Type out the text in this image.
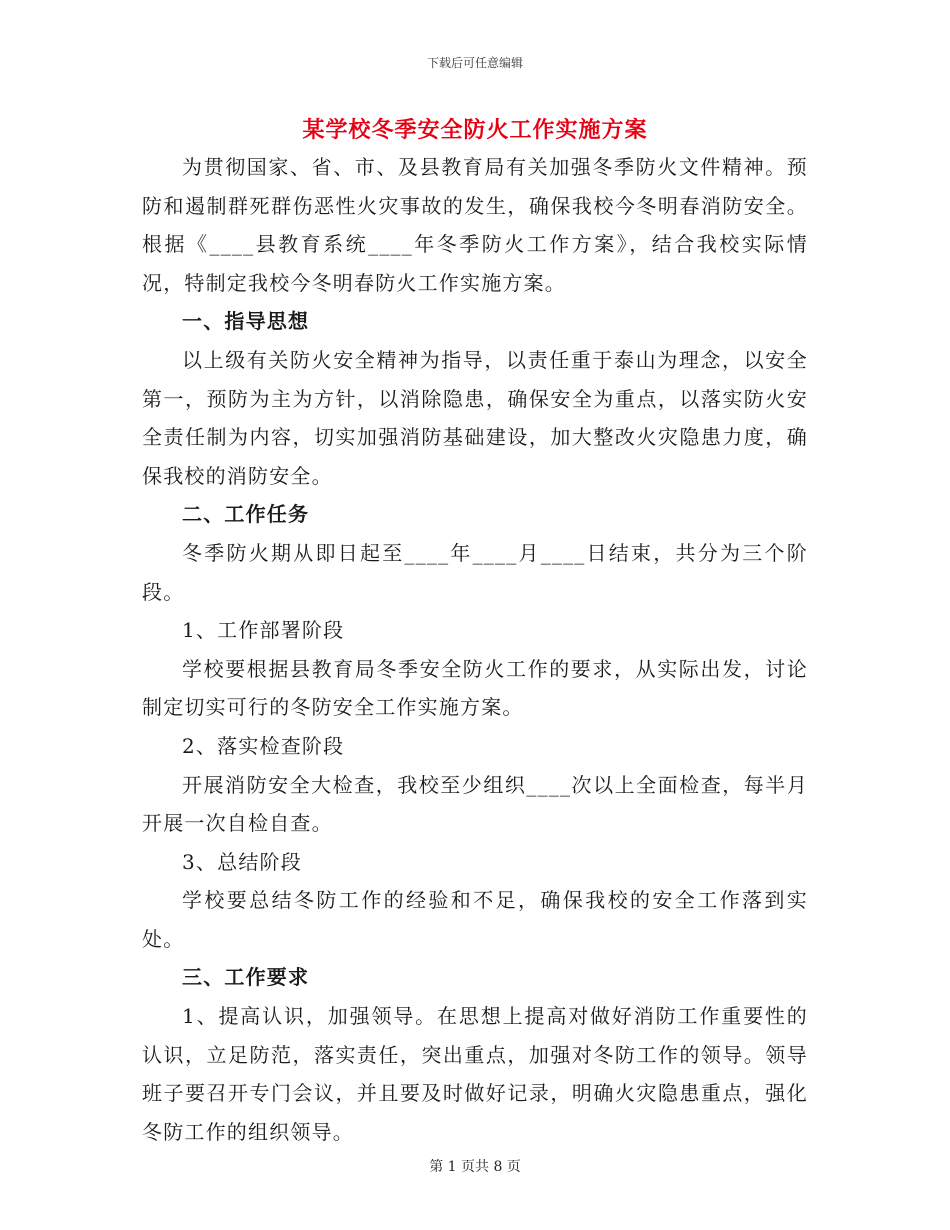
下载后可任意编辑
某学校冬季安全防火工作实施方案

为贯彻国家、省、市、及县教育局有关加强冬季防火文件精神。预防和遏制群死群伤恶性火灾事故的发生，确保我校今冬明春消防安全。根据《____县教育系统____年冬季防火工作方案》，结合我校实际情况，特制定我校今冬明春防火工作实施方案。

一、指导思想

以上级有关防火安全精神为指导，以责任重于泰山为理念，以安全第一，预防为主为方针，以消除隐患，确保安全为重点，以落实防火安全责任制为内容，切实加强消防基础建设，加大整改火灾隐患力度，确保我校的消防安全。

二、工作任务

冬季防火期从即日起至____年____月____日结束，共分为三个阶段。

1、工作部署阶段

学校要根据县教育局冬季安全防火工作的要求，从实际出发，讨论制定切实可行的冬防安全工作实施方案。

2、落实检查阶段

开展消防安全大检查，我校至少组织____次以上全面检查，每半月开展一次自检自查。

3、总结阶段

学校要总结冬防工作的经验和不足，确保我校的安全工作落到实处。

三、工作要求

1、提高认识，加强领导。在思想上提高对做好消防工作重要性的认识，立足防范，落实责任，突出重点，加强对冬防工作的领导。领导班子要召开专门会议，并且要及时做好记录，明确火灾隐患重点，强化冬防工作的组织领导。

第 1 页共 8 页
